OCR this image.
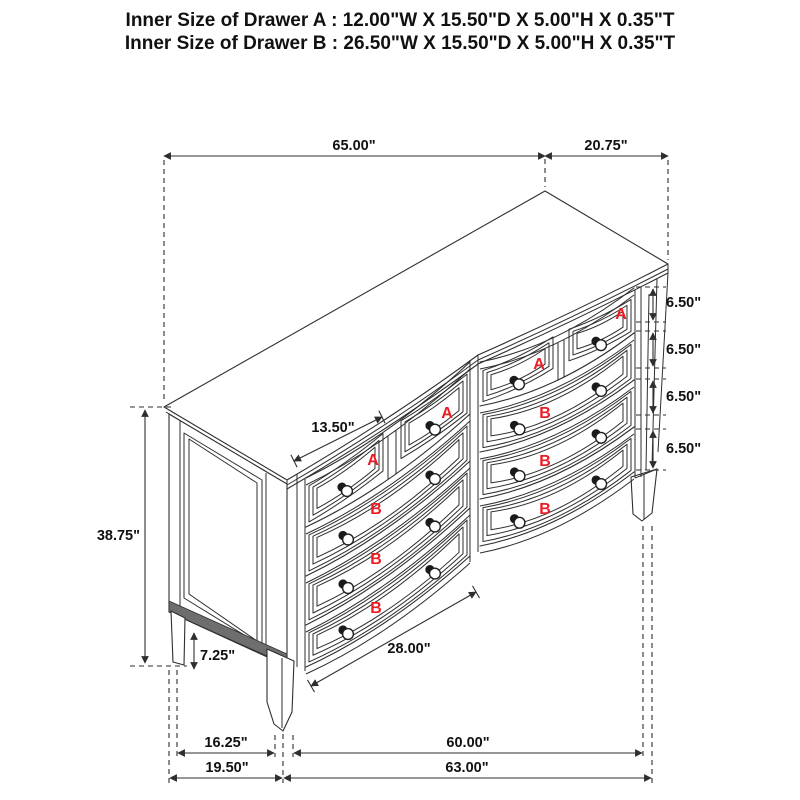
Inner Size of Drawer A : 12.00"W X 15.50"D X 5.00"H X 0.35"T
Inner Size of Drawer B : 26.50"W X 15.50"D X 5.00"H X 0.35"T
65.00"	20.75"
6.50"
6.50"
6.50"
6.50"
38.75"
7.25"
13.50"
28.00"
16.25"	60.00"
19.50"	63.00"
A
A
A
A
B
B
B
B
B
B
